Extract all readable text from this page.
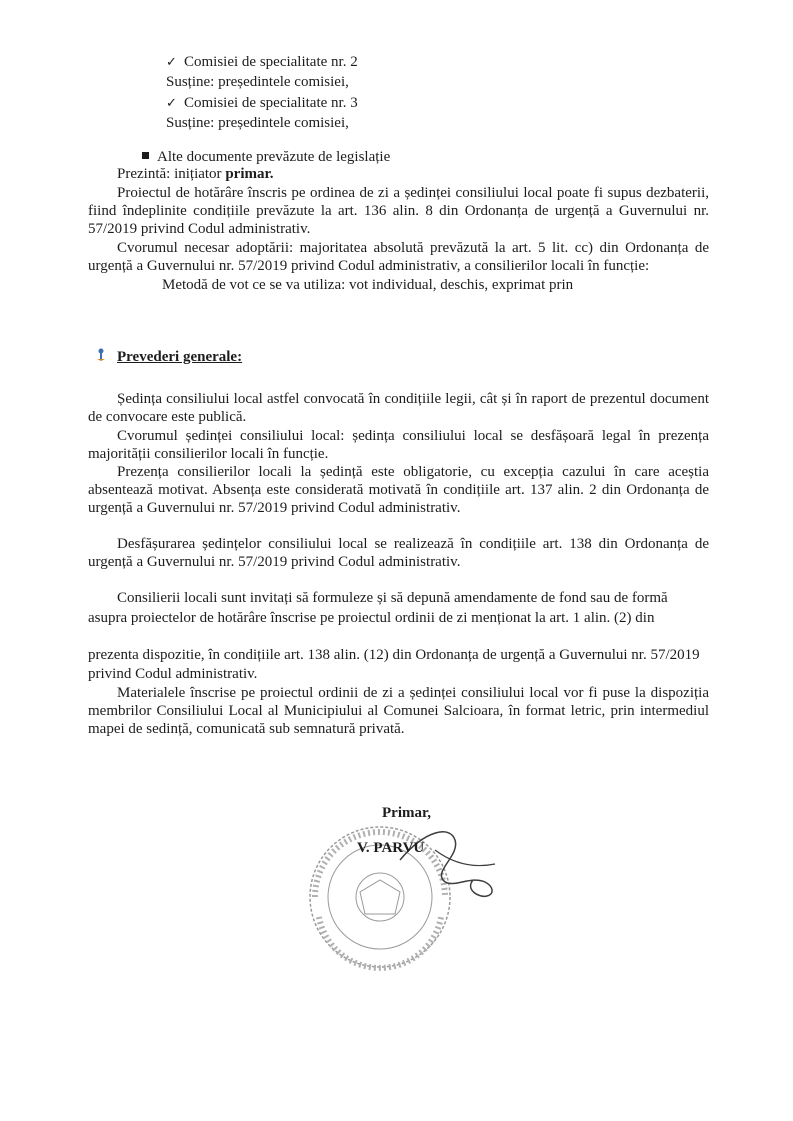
✓ Comisiei de specialitate nr. 2
Susține: președintele comisiei,
✓ Comisiei de specialitate nr. 3
Susține: președintele comisiei,
Alte documente prevăzute de legislație
Prezintă: inițiator primar.
Proiectul de hotărâre înscris pe ordinea de zi a ședinței consiliului local poate fi supus dezbaterii, fiind îndeplinite condițiile prevăzute la art. 136 alin. 8 din Ordonanța de urgență a Guvernului nr. 57/2019 privind Codul administrativ.
Cvorumul necesar adoptării: majoritatea absolută prevăzută la art. 5 lit. cc) din Ordonanța de urgență a Guvernului nr. 57/2019 privind Codul administrativ, a consilierilor locali în funcție:
Metodă de vot ce se va utiliza: vot individual, deschis, exprimat prin
Prevederi generale:
Ședința consiliului local astfel convocată în condițiile legii, cât și în raport de prezentul document de convocare este publică.
Cvorumul ședinței consiliului local: ședința consiliului local se desfășoară legal în prezența majorității consilierilor locali în funcție.
Prezența consilierilor locali la ședință este obligatorie, cu excepția cazului în care aceștia absentează motivat. Absența este considerată motivată în condițiile art. 137 alin. 2 din Ordonanța de urgență a Guvernului nr. 57/2019 privind Codul administrativ.
Desfășurarea ședințelor consiliului local se realizează în condițiile art. 138 din Ordonanța de urgență a Guvernului nr. 57/2019 privind Codul administrativ.
Consilierii locali sunt invitați să formuleze și să depună amendamente de fond sau de formă
asupra proiectelor de hotărâre înscrise pe proiectul ordinii de zi menționat la art. 1 alin. (2) din
prezenta dispozitie, în condițiile art. 138 alin. (12) din Ordonanța de urgență a Guvernului nr. 57/2019
privind Codul administrativ.
Materialele înscrise pe proiectul ordinii de zi a ședinței consiliului local vor fi puse la dispoziția membrilor Consiliului Local al Municipiului al Comunei Salcioara, în format letric, prin intermediul mapei de sedință, comunicată sub semnatură privată.
Primar,
V. PARVU
